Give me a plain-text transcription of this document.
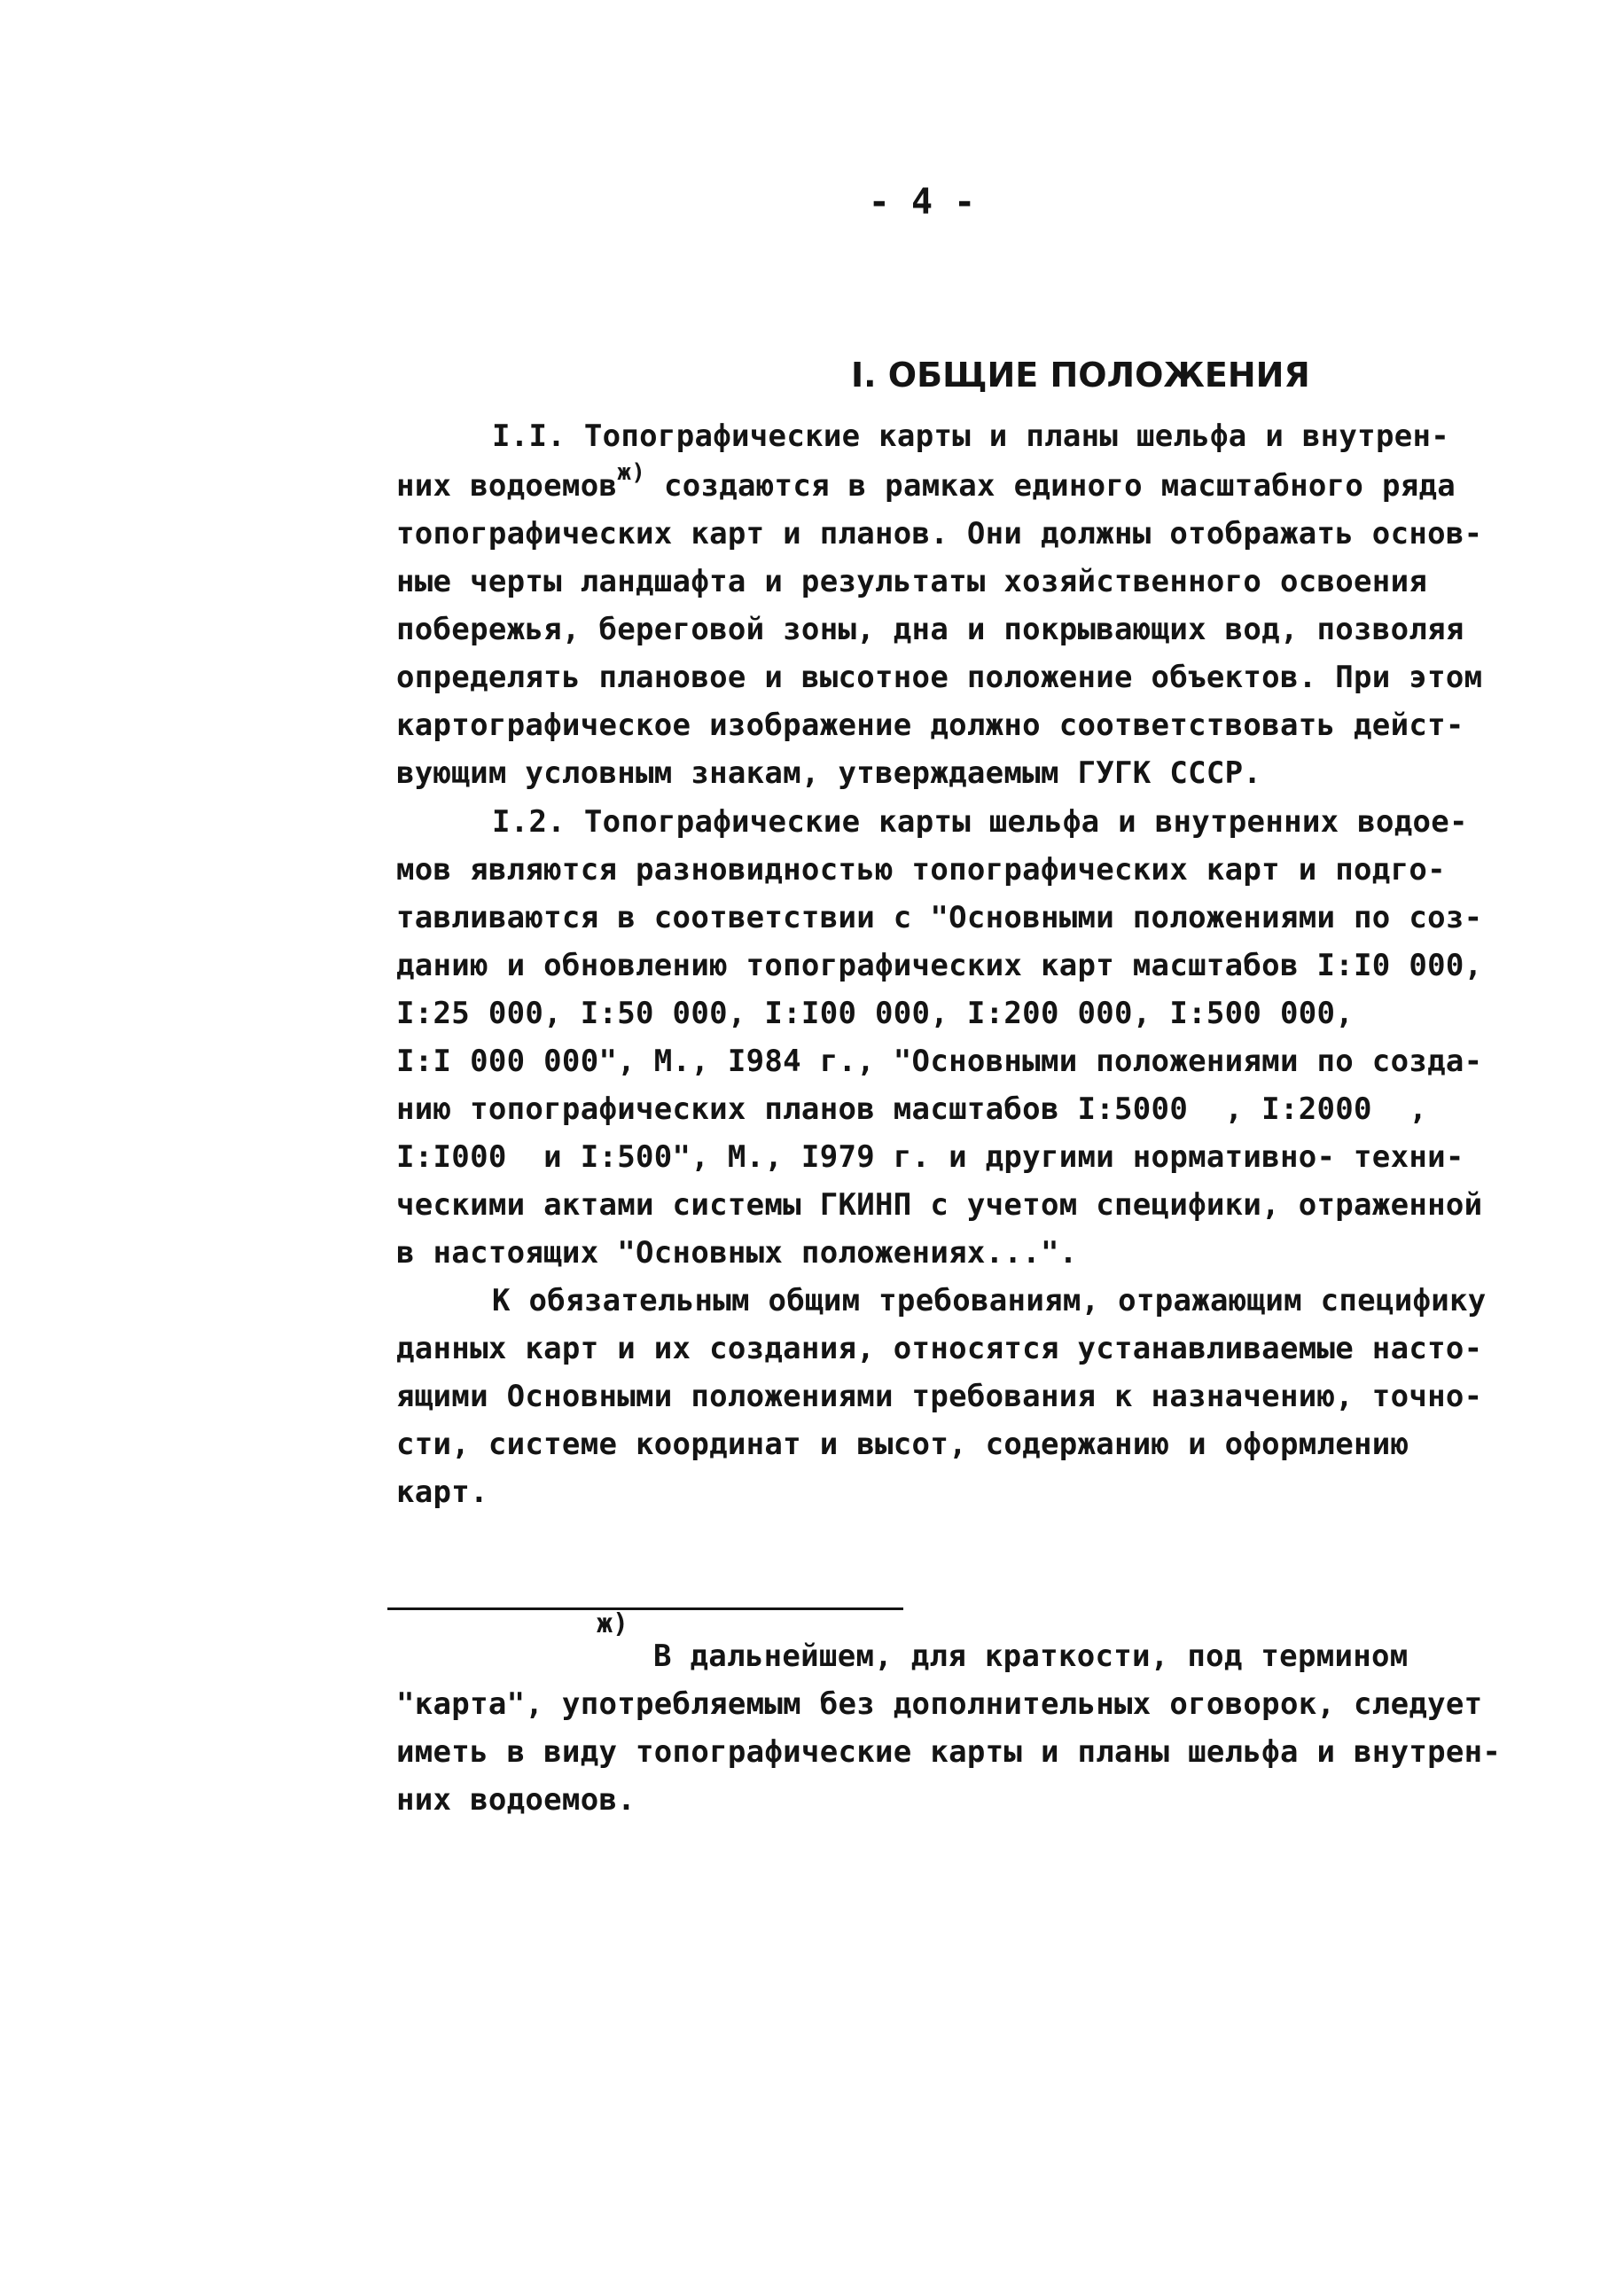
- 4 -
I. ОБЩИЕ ПОЛОЖЕНИЯ
I.I. Топографические карты и планы шельфа и внутрен-
них водоемов$^{ж)}$ создаются в рамках единого масштабного ряда
топографических карт и планов. Они должны отображать основ-
ные черты ландшафта и результаты хозяйственного освоения
побережья, береговой зоны, дна и покрывающих вод, позволяя
определять плановое и высотное положение объектов. При этом
картографическое изображение должно соответствовать дейст-
вующим условным знакам, утверждаемым ГУГК СССР.
I.2. Топографические карты шельфа и внутренних водое-
мов являются разновидностью топографических карт и подго-
тавливаются в соответствии с "Основными положениями по соз-
данию и обновлению топографических карт масштабов I:I0 000,
I:25 000, I:50 000, I:I00 000, I:200 000, I:500 000,
I:I 000 000", М., I984 г., "Основными положениями по созда-
нию топографических планов масштабов I:5000  , I:2000  ,
I:I000  и I:500", М., I979 г. и другими нормативно- техни-
ческими актами системы ГКИНП с учетом специфики, отраженной
в настоящих "Основных положениях...".
К обязательным общим требованиям, отражающим специфику
данных карт и их создания, относятся устанавливаемые насто-
ящими Основными положениями требования к назначению, точно-
сти, системе координат и высот, содержанию и оформлению
карт.
ж)
В дальнейшем, для краткости, под термином
"карта", употребляемым без дополнительных оговорок, следует
иметь в виду топографические карты и планы шельфа и внутрен-
них водоемов.
